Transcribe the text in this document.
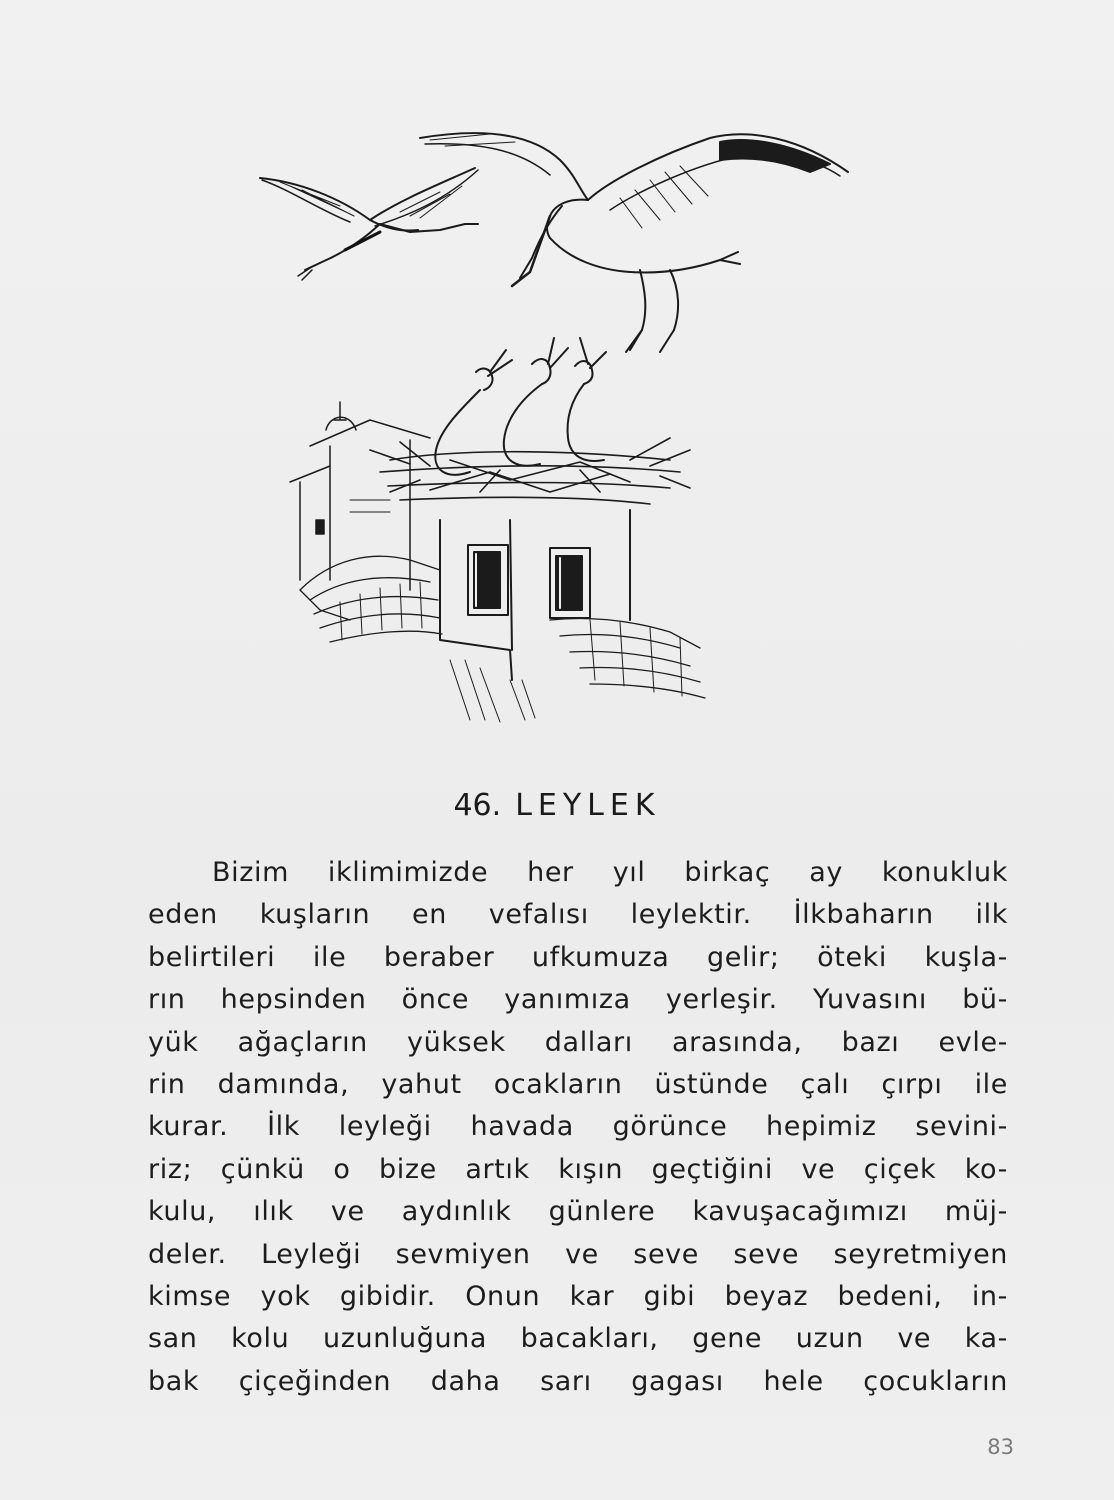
46. LEYLEK
Bizim iklimimizde her yıl birkaç ay konukluk
eden kuşların en vefalısı leylektir. İlkbaharın ilk
belirtileri ile beraber ufkumuza gelir; öteki kuşla-
rın hepsinden önce yanımıza yerleşir. Yuvasını bü-
yük ağaçların yüksek dalları arasında, bazı evle-
rin damında, yahut ocakların üstünde çalı çırpı ile
kurar. İlk leyleği havada görünce hepimiz sevini-
riz; çünkü o bize artık kışın geçtiğini ve çiçek ko-
kulu, ılık ve aydınlık günlere kavuşacağımızı müj-
deler. Leyleği sevmiyen ve seve seve seyretmiyen
kimse yok gibidir. Onun kar gibi beyaz bedeni, in-
san kolu uzunluğuna bacakları, gene uzun ve ka-
bak çiçeğinden daha sarı gagası hele çocukların
83
